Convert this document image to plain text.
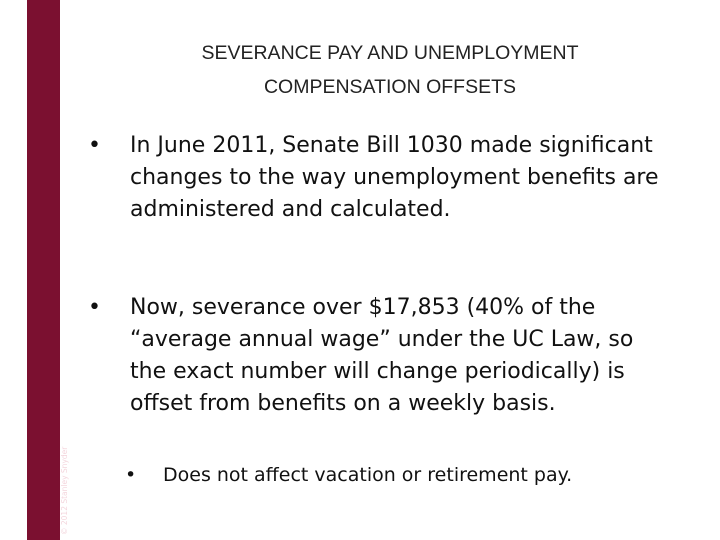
© 2012 Stanley Snyder
SEVERANCE PAY AND UNEMPLOYMENT
COMPENSATION OFFSETS
• In June 2011, Senate Bill 1030 made significant changes to the way unemployment benefits are administered and calculated.
• Now, severance over $17,853 (40% of the “average annual wage” under the UC Law, so the exact number will change periodically) is offset from benefits on a weekly basis.
• Does not affect vacation or retirement pay.
